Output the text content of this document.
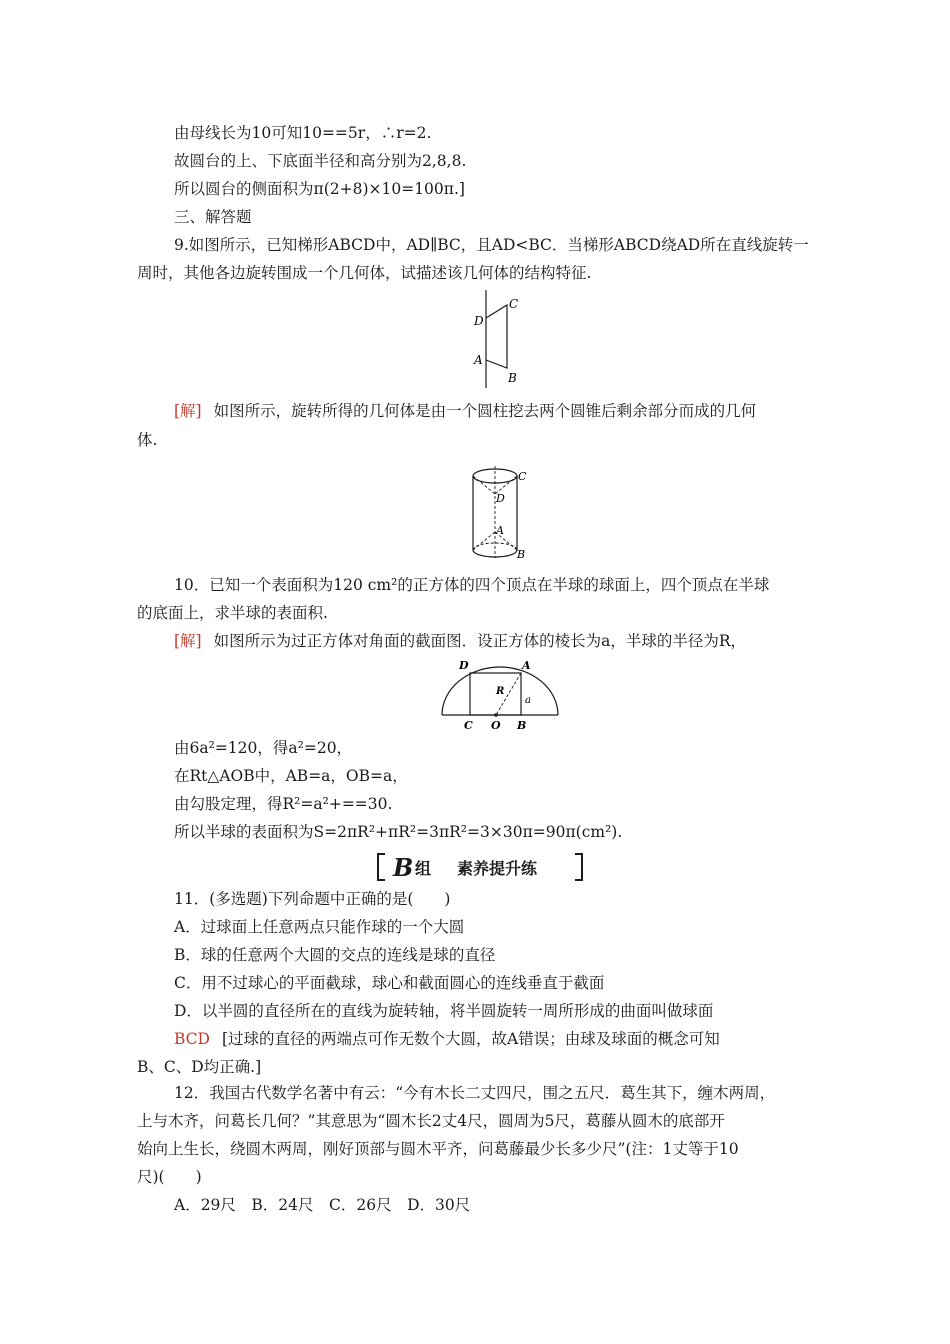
由母线长为10可知10==5r，∴r=2.
故圆台的上、下底面半径和高分别为2,8,8.
所以圆台的侧面积为π(2+8)×10=100π.]
三、解答题
9.如图所示，已知梯形ABCD中，AD∥BC，且AD<BC．当梯形ABCD绕AD所在直线旋转一
周时，其他各边旋转围成一个几何体，试描述该几何体的结构特征.
C
D
A
B
[解] 如图所示，旋转所得的几何体是由一个圆柱挖去两个圆锥后剩余部分而成的几何
体.
C
D
A
B
10．已知一个表面积为120 cm²的正方体的四个顶点在半球的球面上，四个顶点在半球
的底面上，求半球的表面积.
[解] 如图所示为过正方体对角面的截面图．设正方体的棱长为a，半球的半径为R，
D	A
R
a
C O B
由6a²=120，得a²=20，
在Rt△AOB中，AB=a，OB=a，
由勾股定理，得R²=a²+==30.
所以半球的表面积为S=2πR²+πR²=3πR²=3×30π=90π(cm²).
B 组 素养提升练
11．(多选题)下列命题中正确的是(　　)
A．过球面上任意两点只能作球的一个大圆
B．球的任意两个大圆的交点的连线是球的直径
C．用不过球心的平面截球，球心和截面圆心的连线垂直于截面
D．以半圆的直径所在的直线为旋转轴，将半圆旋转一周所形成的曲面叫做球面
BCD [过球的直径的两端点可作无数个大圆，故A错误；由球及球面的概念可知
B、C、D均正确.]
12．我国古代数学名著中有云：“今有木长二丈四尺，围之五尺．葛生其下，缠木两周，
上与木齐，问葛长几何？”其意思为“圆木长2丈4尺，圆周为5尺，葛藤从圆木的底部开
始向上生长，绕圆木两周，刚好顶部与圆木平齐，问葛藤最少长多少尺”(注：1丈等于10
尺)(　　)
A．29尺　B．24尺　C．26尺　D．30尺
